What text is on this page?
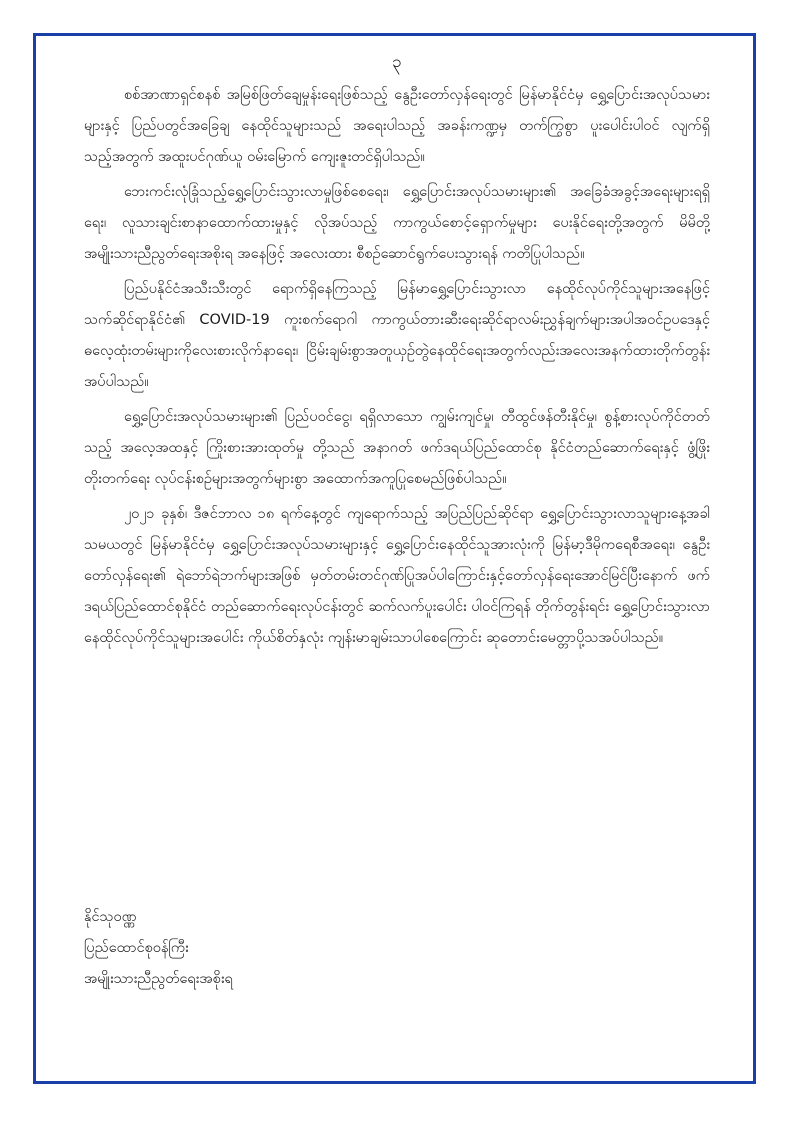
၃

စစ်အာဏာရှင်စနစ် အမြစ်ဖြတ်ချေမှုန်းရေးဖြစ်သည့် နွေဦးတော်လှန်ရေးတွင် မြန်မာနိုင်ငံမှ ရွှေ့ပြောင်းအလုပ်သမားများနှင့် ပြည်ပတွင်အခြေချ နေထိုင်သူများသည် အရေးပါသည့် အခန်းကဏ္ဍမှ တက်ကြွစွာ ပူးပေါင်းပါဝင် လျက်ရှိသည့်အတွက် အထူးပင်ဂုဏ်ယူ ဝမ်းမြောက် ကျေးဇူးတင်ရှိပါသည်။

ဘေးကင်းလုံခြုံသည့်ရွှေ့ပြောင်းသွားလာမှုဖြစ်စေရေး၊ ရွှေ့ပြောင်းအလုပ်သမားများ၏ အခြေခံအခွင့်အရေးများရရှိရေး၊ လူသားချင်းစာနာထောက်ထားမှုနှင့် လိုအပ်သည့် ကာကွယ်စောင့်ရှောက်မှုများ ပေးနိုင်ရေးတို့အတွက် မိမိတို့ အမျိုးသားညီညွတ်ရေးအစိုးရ အနေဖြင့် အလေးထား စီစဉ်ဆောင်ရွက်ပေးသွားရန် ကတိပြုပါသည်။

ပြည်ပနိုင်ငံအသီးသီးတွင် ရောက်ရှိနေကြသည့် မြန်မာရွှေ့ပြောင်းသွားလာ နေထိုင်လုပ်ကိုင်သူများအနေဖြင့် သက်ဆိုင်ရာနိုင်ငံ၏ COVID-19 ကူးစက်ရောဂါ ကာကွယ်တားဆီးရေးဆိုင်ရာလမ်းညွှန်ချက်များအပါအဝင်ဥပဒေနှင့်ဓလေ့ထုံးတမ်းများကိုလေးစားလိုက်နာရေး၊ ငြိမ်းချမ်းစွာအတူယှဉ်တွဲနေထိုင်ရေးအတွက်လည်းအလေးအနက်ထားတိုက်တွန်းအပ်ပါသည်။

ရွှေ့ပြောင်းအလုပ်သမားများ၏ ပြည်ပဝင်ငွေ၊ ရရှိလာသော ကျွမ်းကျင်မှု၊ တီထွင်ဖန်တီးနိုင်မှု၊ စွန့်စားလုပ်ကိုင်တတ်သည့် အလေ့အထနှင့် ကြိုးစားအားထုတ်မှု တို့သည် အနာဂတ် ဖက်ဒရယ်ပြည်ထောင်စု နိုင်ငံတည်ဆောက်ရေးနှင့် ဖွံ့ဖြိုးတိုးတက်ရေး လုပ်ငန်းစဉ်များအတွက်များစွာ အထောက်အကူပြုစေမည်ဖြစ်ပါသည်။

၂၀၂၁ ခုနှစ်၊ ဒီဇင်ဘာလ ၁၈ ရက်နေ့တွင် ကျရောက်သည့် အပြည်ပြည်ဆိုင်ရာ ရွှေ့ပြောင်းသွားလာသူများနေ့အခါသမယတွင် မြန်မာနိုင်ငံမှ ရွှေ့ပြောင်းအလုပ်သမားများနှင့် ရွှေ့ပြောင်းနေထိုင်သူအားလုံးကို မြန်မာ့ဒီမိုကရေစီအရေး၊ နွေဦးတော်လှန်ရေး၏ ရဲဘော်ရဲဘက်များအဖြစ် မှတ်တမ်းတင်ဂုဏ်ပြုအပ်ပါကြောင်းနှင့်တော်လှန်ရေးအောင်မြင်ပြီးနောက် ဖက်ဒရယ်ပြည်ထောင်စုနိုင်ငံ တည်ဆောက်ရေးလုပ်ငန်းတွင် ဆက်လက်ပူးပေါင်း ပါဝင်ကြရန် တိုက်တွန်းရင်း ရွှေ့ပြောင်းသွားလာနေထိုင်လုပ်ကိုင်သူများအပေါင်း ကိုယ်စိတ်နှလုံး ကျန်းမာချမ်းသာပါစေကြောင်း ဆုတောင်းမေတ္တာပို့သအပ်ပါသည်။

နိုင်သုဝဏ္ဏ
ပြည်ထောင်စုဝန်ကြီး
အမျိုးသားညီညွတ်ရေးအစိုးရ
